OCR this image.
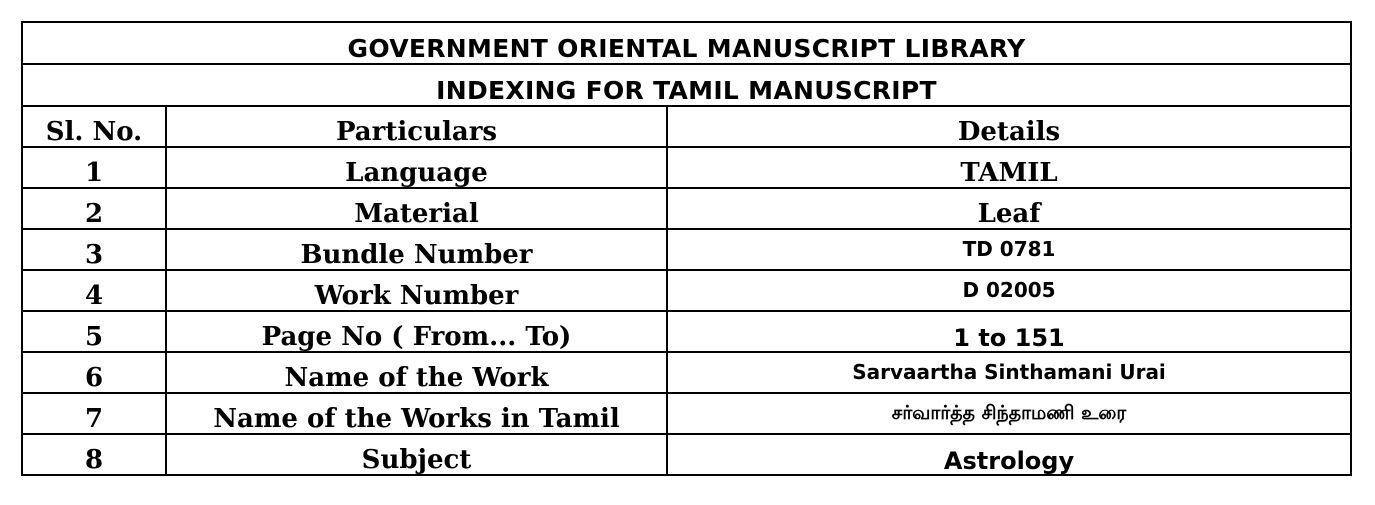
GOVERNMENT ORIENTAL MANUSCRIPT LIBRARY		
INDEXING FOR TAMIL MANUSCRIPT		
Sl. No.	Particulars	Details
1	Language	TAMIL
2	Material	Leaf
3	Bundle Number	TD 0781
4	Work Number	D 02005
5	Page No ( From... To)	1 to 151
6	Name of the Work	Sarvaartha Sinthamani Urai
7	Name of the Works in Tamil	சர்வார்த்த சிந்தாமணி உரை
8	Subject	Astrology
